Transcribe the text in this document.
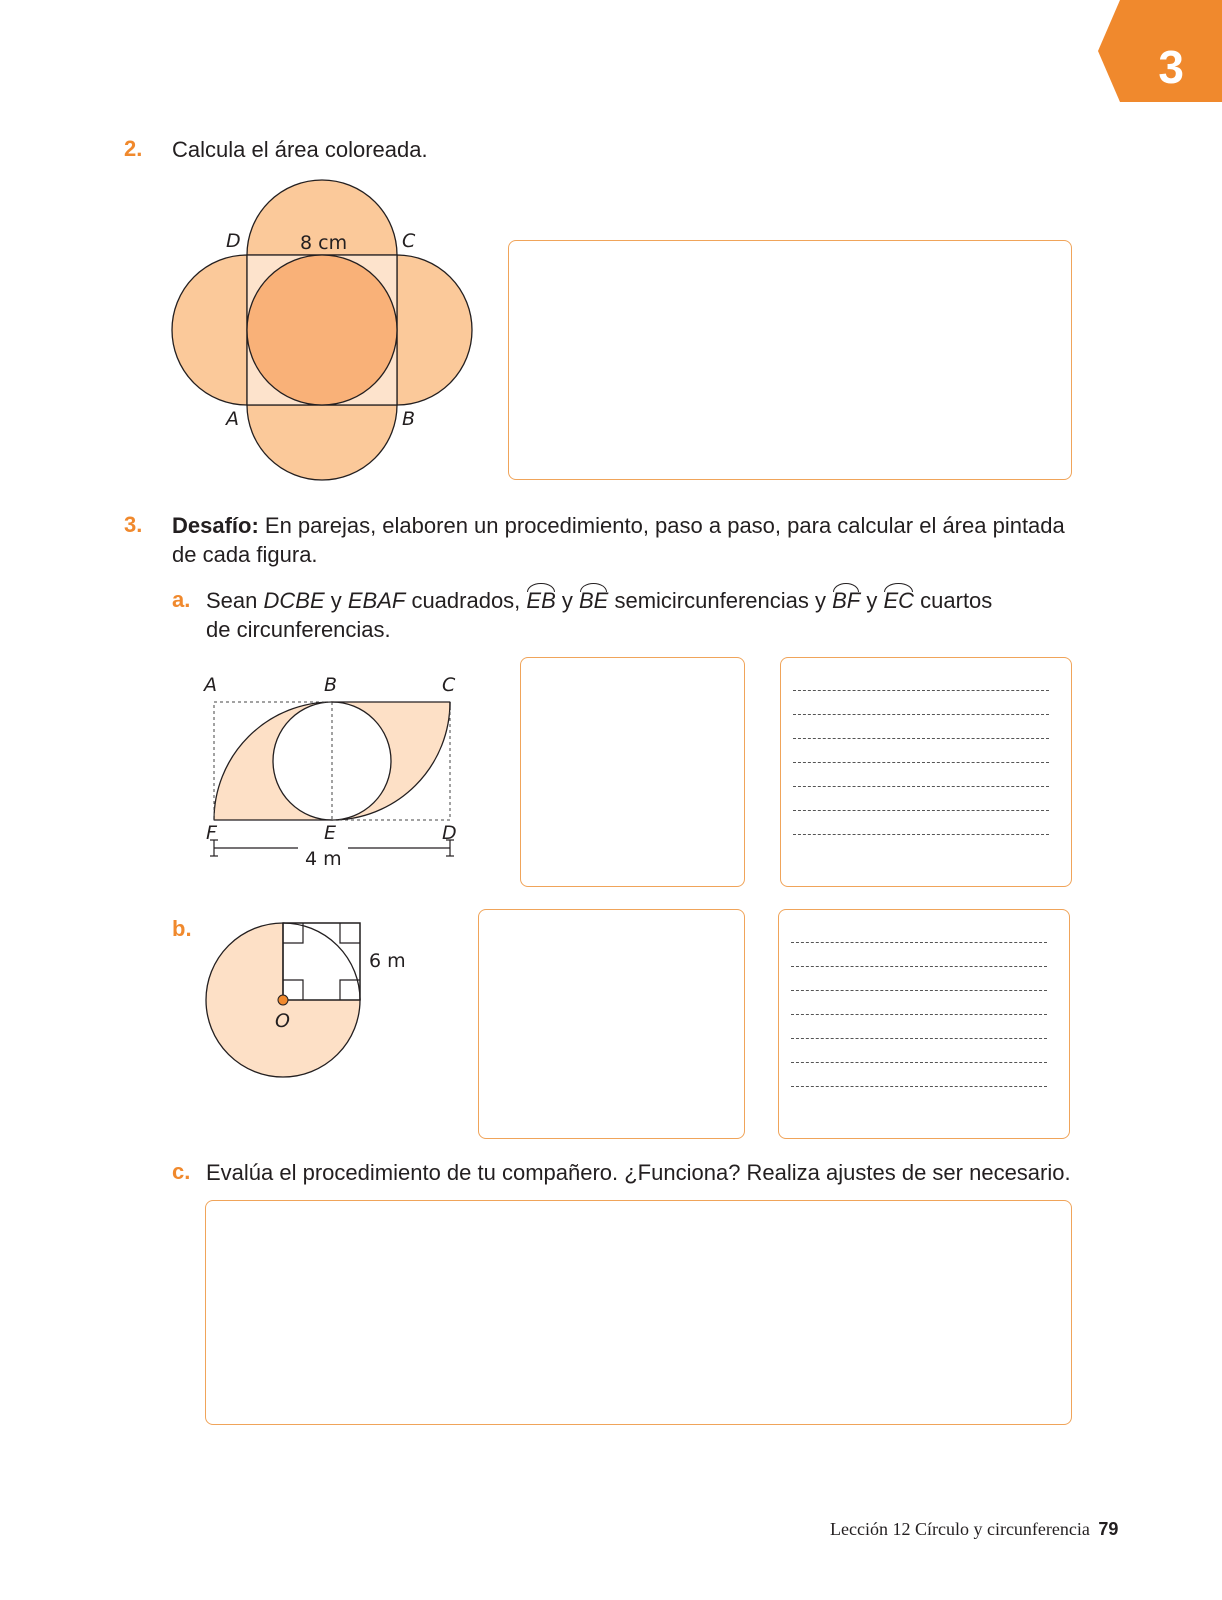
3
2. Calcula el área coloreada.
D	C
A	B
8 cm
3. Desafío: En parejas, elaboren un procedimiento, paso a paso, para calcular el área pintada
de cada figura.
a. Sean DCBE y EBAF cuadrados, EB y BE semicircunferencias y BF y EC cuartos
de circunferencias.
A	B	C
F	E	D
4 m
b.
O
6 m
c. Evalúa el procedimiento de tu compañero. ¿Funciona? Realiza ajustes de ser necesario.
Lección 12 Círculo y circunferencia 79
